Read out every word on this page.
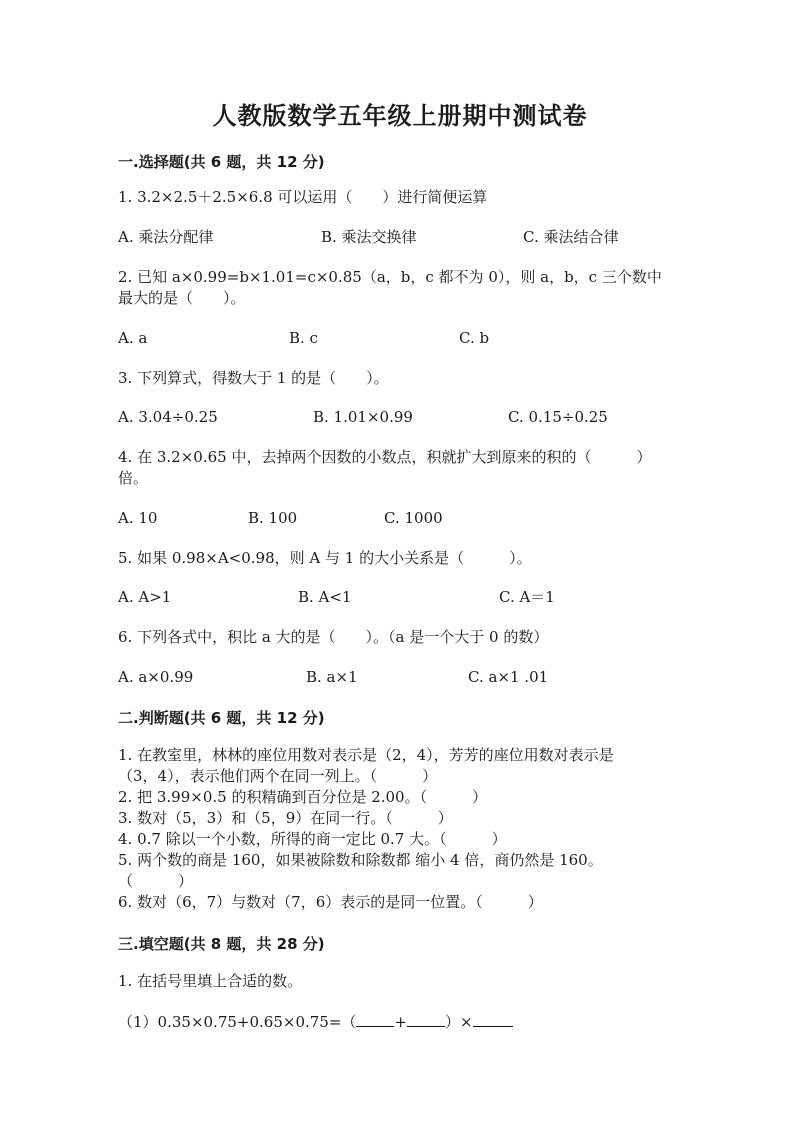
人教版数学五年级上册期中测试卷
一.选择题(共 6 题，共 12 分)
1. 3.2×2.5＋2.5×6.8 可以运用（　　）进行简便运算
A. 乘法分配律	B. 乘法交换律	C. 乘法结合律
2. 已知 a×0.99=b×1.01=c×0.85（a，b，c 都不为 0），则 a，b，c 三个数中
最大的是（　　）。
A. a	B. c	C. b
3. 下列算式，得数大于 1 的是（　　）。
A. 3.04÷0.25	B. 1.01×0.99	C. 0.15÷0.25
4. 在 3.2×0.65 中，去掉两个因数的小数点，积就扩大到原来的积的（　　　）
倍。
A. 10	B. 100	C. 1000
5. 如果 0.98×A<0.98，则 A 与 1 的大小关系是（　　　）。
A. A>1	B. A<1	C. A＝1
6. 下列各式中，积比 a 大的是（　　）。（a 是一个大于 0 的数）
A. a×0.99	B. a×1	C. a×1 .01
二.判断题(共 6 题，共 12 分)
1. 在教室里，林林的座位用数对表示是（2，4），芳芳的座位用数对表示是
（3，4），表示他们两个在同一列上。（　　　）
2. 把 3.99×0.5 的积精确到百分位是 2.00。（　　　）
3. 数对（5，3）和（5，9）在同一行。（　　　）
4. 0.7 除以一个小数，所得的商一定比 0.7 大。（　　　）
5. 两个数的商是 160，如果被除数和除数都 缩小 4 倍，商仍然是 160。
（　　　）
6. 数对（6，7）与数对（7，6）表示的是同一位置。（　　　）
三.填空题(共 8 题，共 28 分)
1. 在括号里填上合适的数。
（1）0.35×0.75+0.65×0.75=（	+	）×
